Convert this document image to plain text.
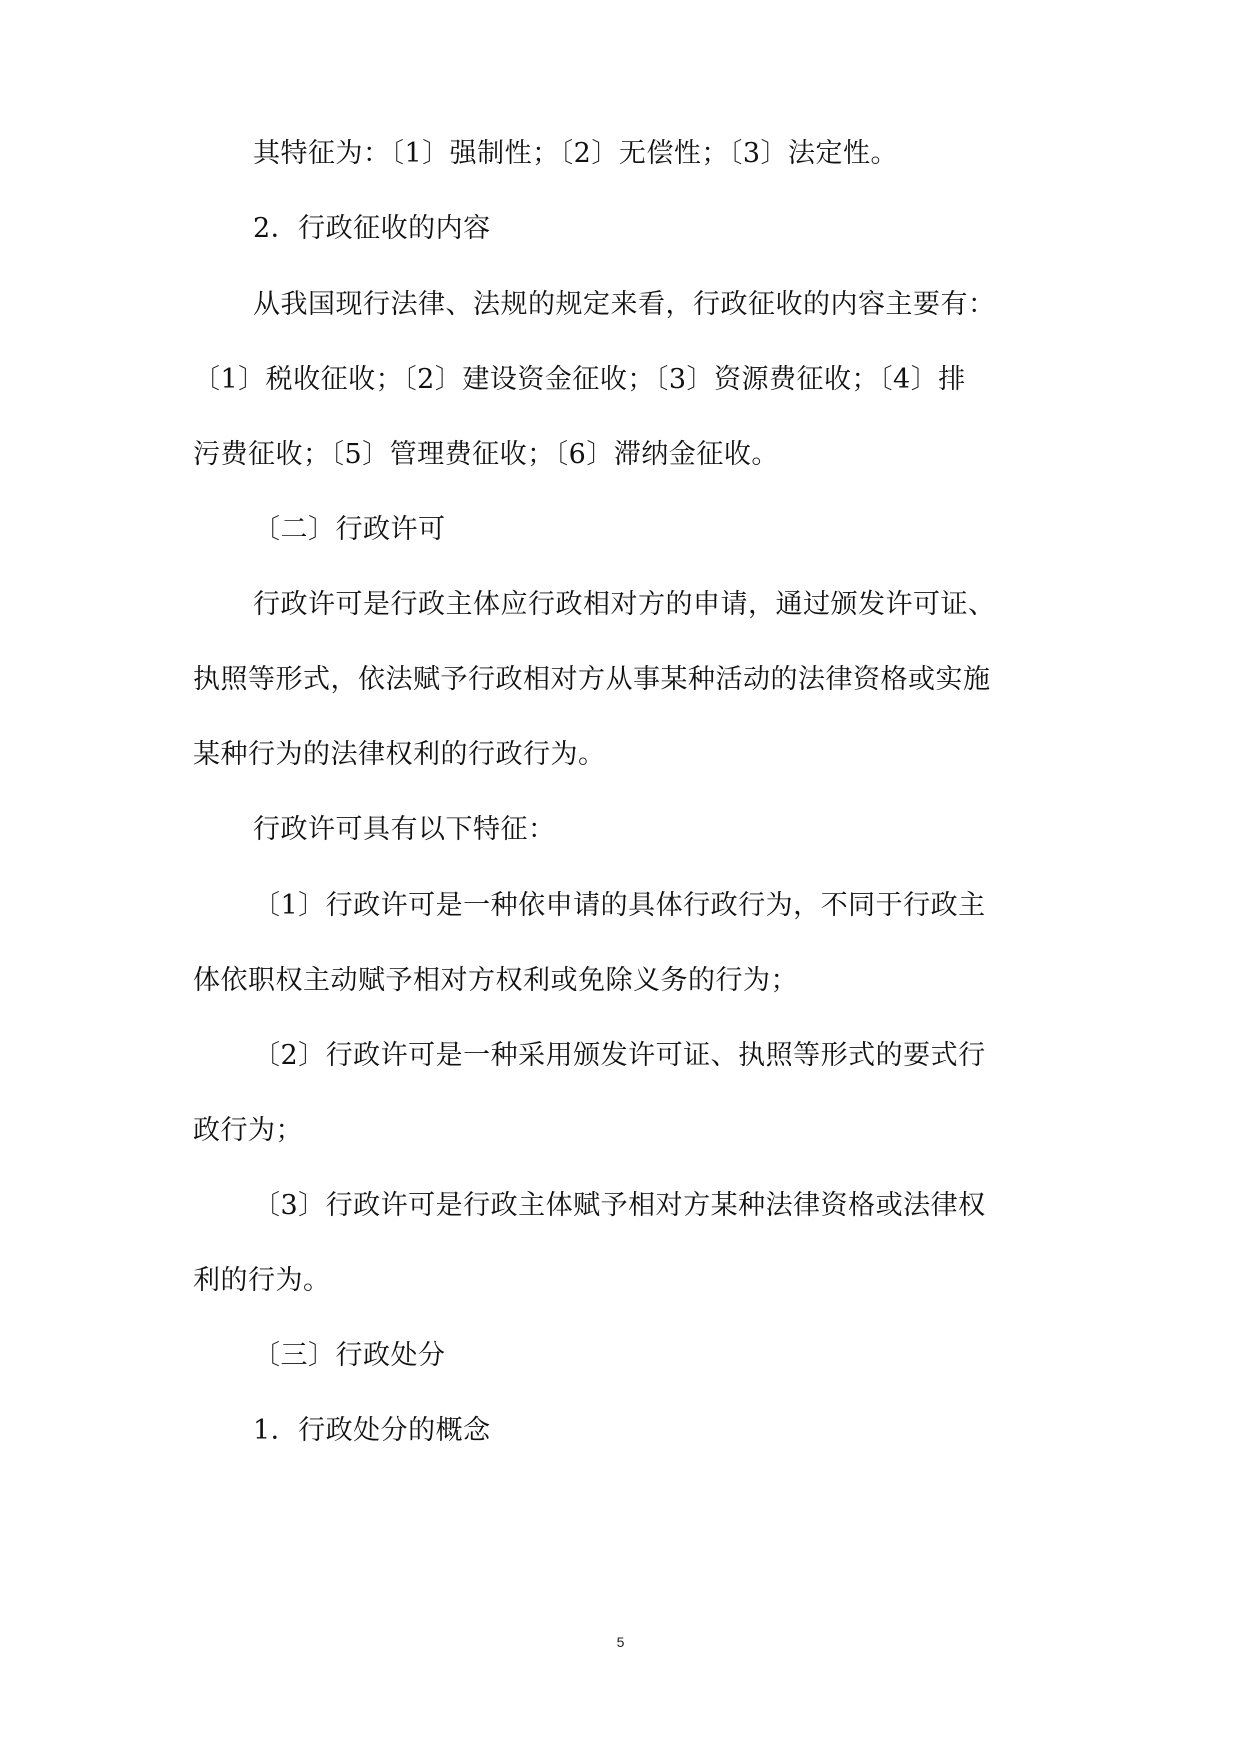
其特征为：〔1〕强制性；〔2〕无偿性；〔3〕法定性。
2．行政征收的内容
从我国现行法律、法规的规定来看，行政征收的内容主要有：
〔1〕税收征收；〔2〕建设资金征收；〔3〕资源费征收；〔4〕排
污费征收；〔5〕管理费征收；〔6〕滞纳金征收。
〔二〕行政许可
行政许可是行政主体应行政相对方的申请，通过颁发许可证、
执照等形式，依法赋予行政相对方从事某种活动的法律资格或实施
某种行为的法律权利的行政行为。
行政许可具有以下特征：
〔1〕行政许可是一种依申请的具体行政行为，不同于行政主
体依职权主动赋予相对方权利或免除义务的行为；
〔2〕行政许可是一种采用颁发许可证、执照等形式的要式行
政行为；
〔3〕行政许可是行政主体赋予相对方某种法律资格或法律权
利的行为。
〔三〕行政处分
1．行政处分的概念
5
